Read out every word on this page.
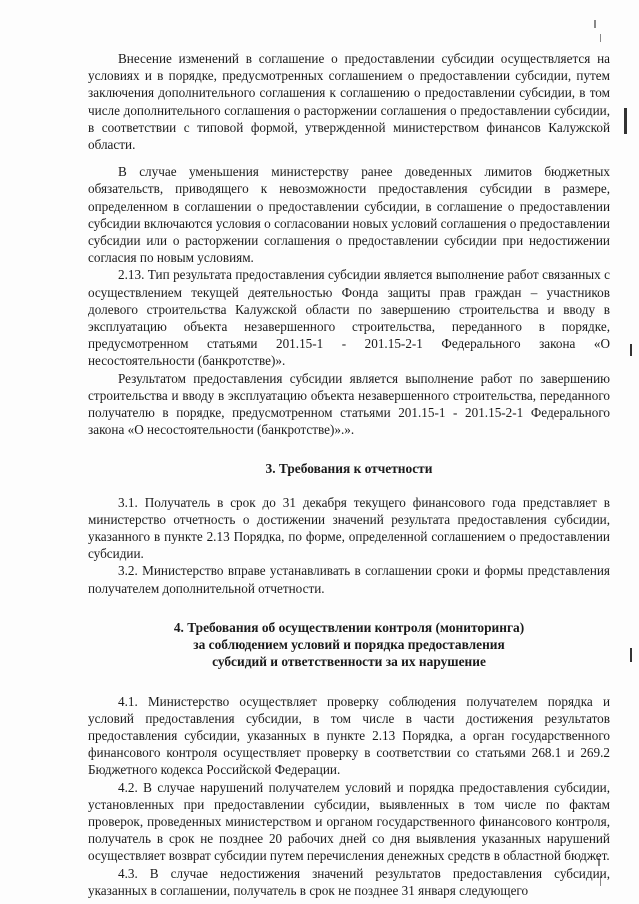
Внесение изменений в соглашение о предоставлении субсидии осуществляется на условиях и в порядке, предусмотренных соглашением о предоставлении субсидии, путем заключения дополнительного соглашения к соглашению о предоставлении субсидии, в том числе дополнительного соглашения о расторжении соглашения о предоставлении субсидии, в соответствии с типовой формой, утвержденной министерством финансов Калужской области.

В случае уменьшения министерству ранее доведенных лимитов бюджетных обязательств, приводящего к невозможности предоставления субсидии в размере, определенном в соглашении о предоставлении субсидии, в соглашение о предоставлении субсидии включаются условия о согласовании новых условий соглашения о предоставлении субсидии или о расторжении соглашения о предоставлении субсидии при недостижении согласия по новым условиям.

2.13. Тип результата предоставления субсидии является выполнение работ связанных с осуществлением текущей деятельностью Фонда защиты прав граждан – участников долевого строительства Калужской области по завершению строительства и вводу в эксплуатацию объекта незавершенного строительства, переданного в порядке, предусмотренном статьями 201.15-1 - 201.15-2-1 Федерального закона «О несостоятельности (банкротстве)».

Результатом предоставления субсидии является выполнение работ по завершению строительства и вводу в эксплуатацию объекта незавершенного строительства, переданного получателю в порядке, предусмотренном статьями 201.15-1 - 201.15-2-1 Федерального закона «О несостоятельности (банкротстве)».».

3. Требования к отчетности

3.1. Получатель в срок до 31 декабря текущего финансового года представляет в министерство отчетность о достижении значений результата предоставления субсидии, указанного в пункте 2.13 Порядка, по форме, определенной соглашением о предоставлении субсидии.

3.2. Министерство вправе устанавливать в соглашении сроки и формы представления получателем дополнительной отчетности.

4. Требования об осуществлении контроля (мониторинга)

за соблюдением условий и порядка предоставления

субсидий и ответственности за их нарушение

4.1. Министерство осуществляет проверку соблюдения получателем порядка и условий предоставления субсидии, в том числе в части достижения результатов предоставления субсидии, указанных в пункте 2.13 Порядка, а орган государственного финансового контроля осуществляет проверку в соответствии со статьями 268.1 и 269.2 Бюджетного кодекса Российской Федерации.

4.2. В случае нарушений получателем условий и порядка предоставления субсидии, установленных при предоставлении субсидии, выявленных в том числе по фактам проверок, проведенных министерством и органом государственного финансового контроля, получатель в срок не позднее 20 рабочих дней со дня выявления указанных нарушений осуществляет возврат субсидии путем перечисления денежных средств в областной бюджет.

4.3. В случае недостижения значений результатов предоставления субсидии, указанных в соглашении, получатель в срок не позднее 31 января следующего
